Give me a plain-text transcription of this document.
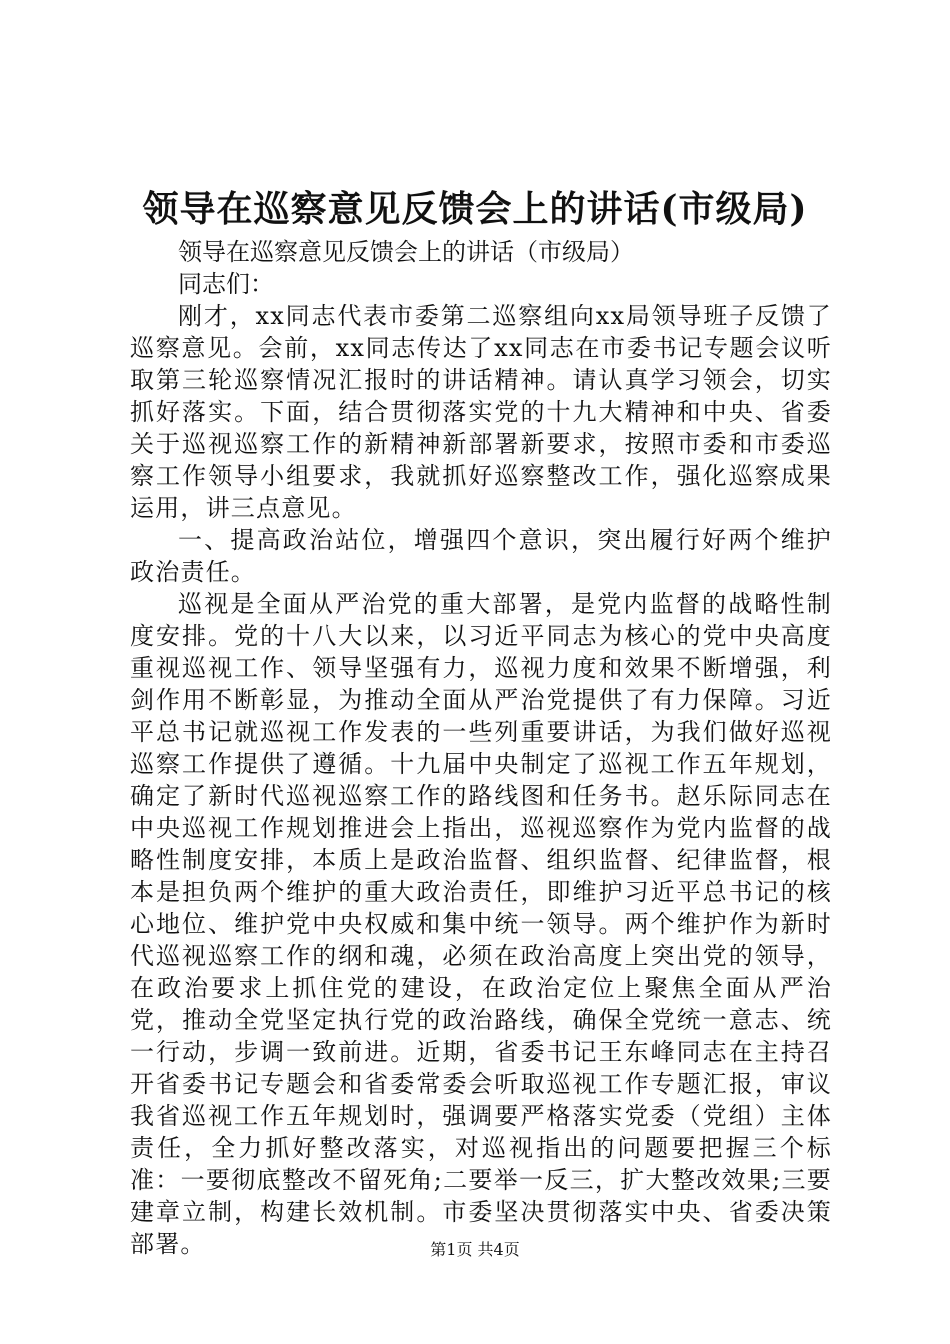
领导在巡察意见反馈会上的讲话(市级局)
领导在巡察意见反馈会上的讲话（市级局）
同志们：

刚才，xx同志代表市委第二巡察组向xx局领导班子反馈了巡察意见。会前，xx同志传达了xx同志在市委书记专题会议听取第三轮巡察情况汇报时的讲话精神。请认真学习领会，切实抓好落实。下面，结合贯彻落实党的十九大精神和中央、省委关于巡视巡察工作的新精神新部署新要求，按照市委和市委巡察工作领导小组要求，我就抓好巡察整改工作，强化巡察成果运用，讲三点意见。

一、提高政治站位，增强四个意识，突出履行好两个维护政治责任。

巡视是全面从严治党的重大部署，是党内监督的战略性制度安排。党的十八大以来，以习近平同志为核心的党中央高度重视巡视工作、领导坚强有力，巡视力度和效果不断增强，利剑作用不断彰显，为推动全面从严治党提供了有力保障。习近平总书记就巡视工作发表的一些列重要讲话，为我们做好巡视巡察工作提供了遵循。十九届中央制定了巡视工作五年规划，确定了新时代巡视巡察工作的路线图和任务书。赵乐际同志在中央巡视工作规划推进会上指出，巡视巡察作为党内监督的战略性制度安排，本质上是政治监督、组织监督、纪律监督，根本是担负两个维护的重大政治责任，即维护习近平总书记的核心地位、维护党中央权威和集中统一领导。两个维护作为新时代巡视巡察工作的纲和魂，必须在政治高度上突出党的领导，在政治要求上抓住党的建设，在政治定位上聚焦全面从严治党，推动全党坚定执行党的政治路线，确保全党统一意志、统一行动，步调一致前进。近期，省委书记王东峰同志在主持召开省委书记专题会和省委常委会听取巡视工作专题汇报，审议我省巡视工作五年规划时，强调要严格落实党委（党组）主体责任，全力抓好整改落实，对巡视指出的问题要把握三个标准：一要彻底整改不留死角;二要举一反三，扩大整改效果;三要建章立制，构建长效机制。市委坚决贯彻落实中央、省委决策部署。	第1页 共4页
